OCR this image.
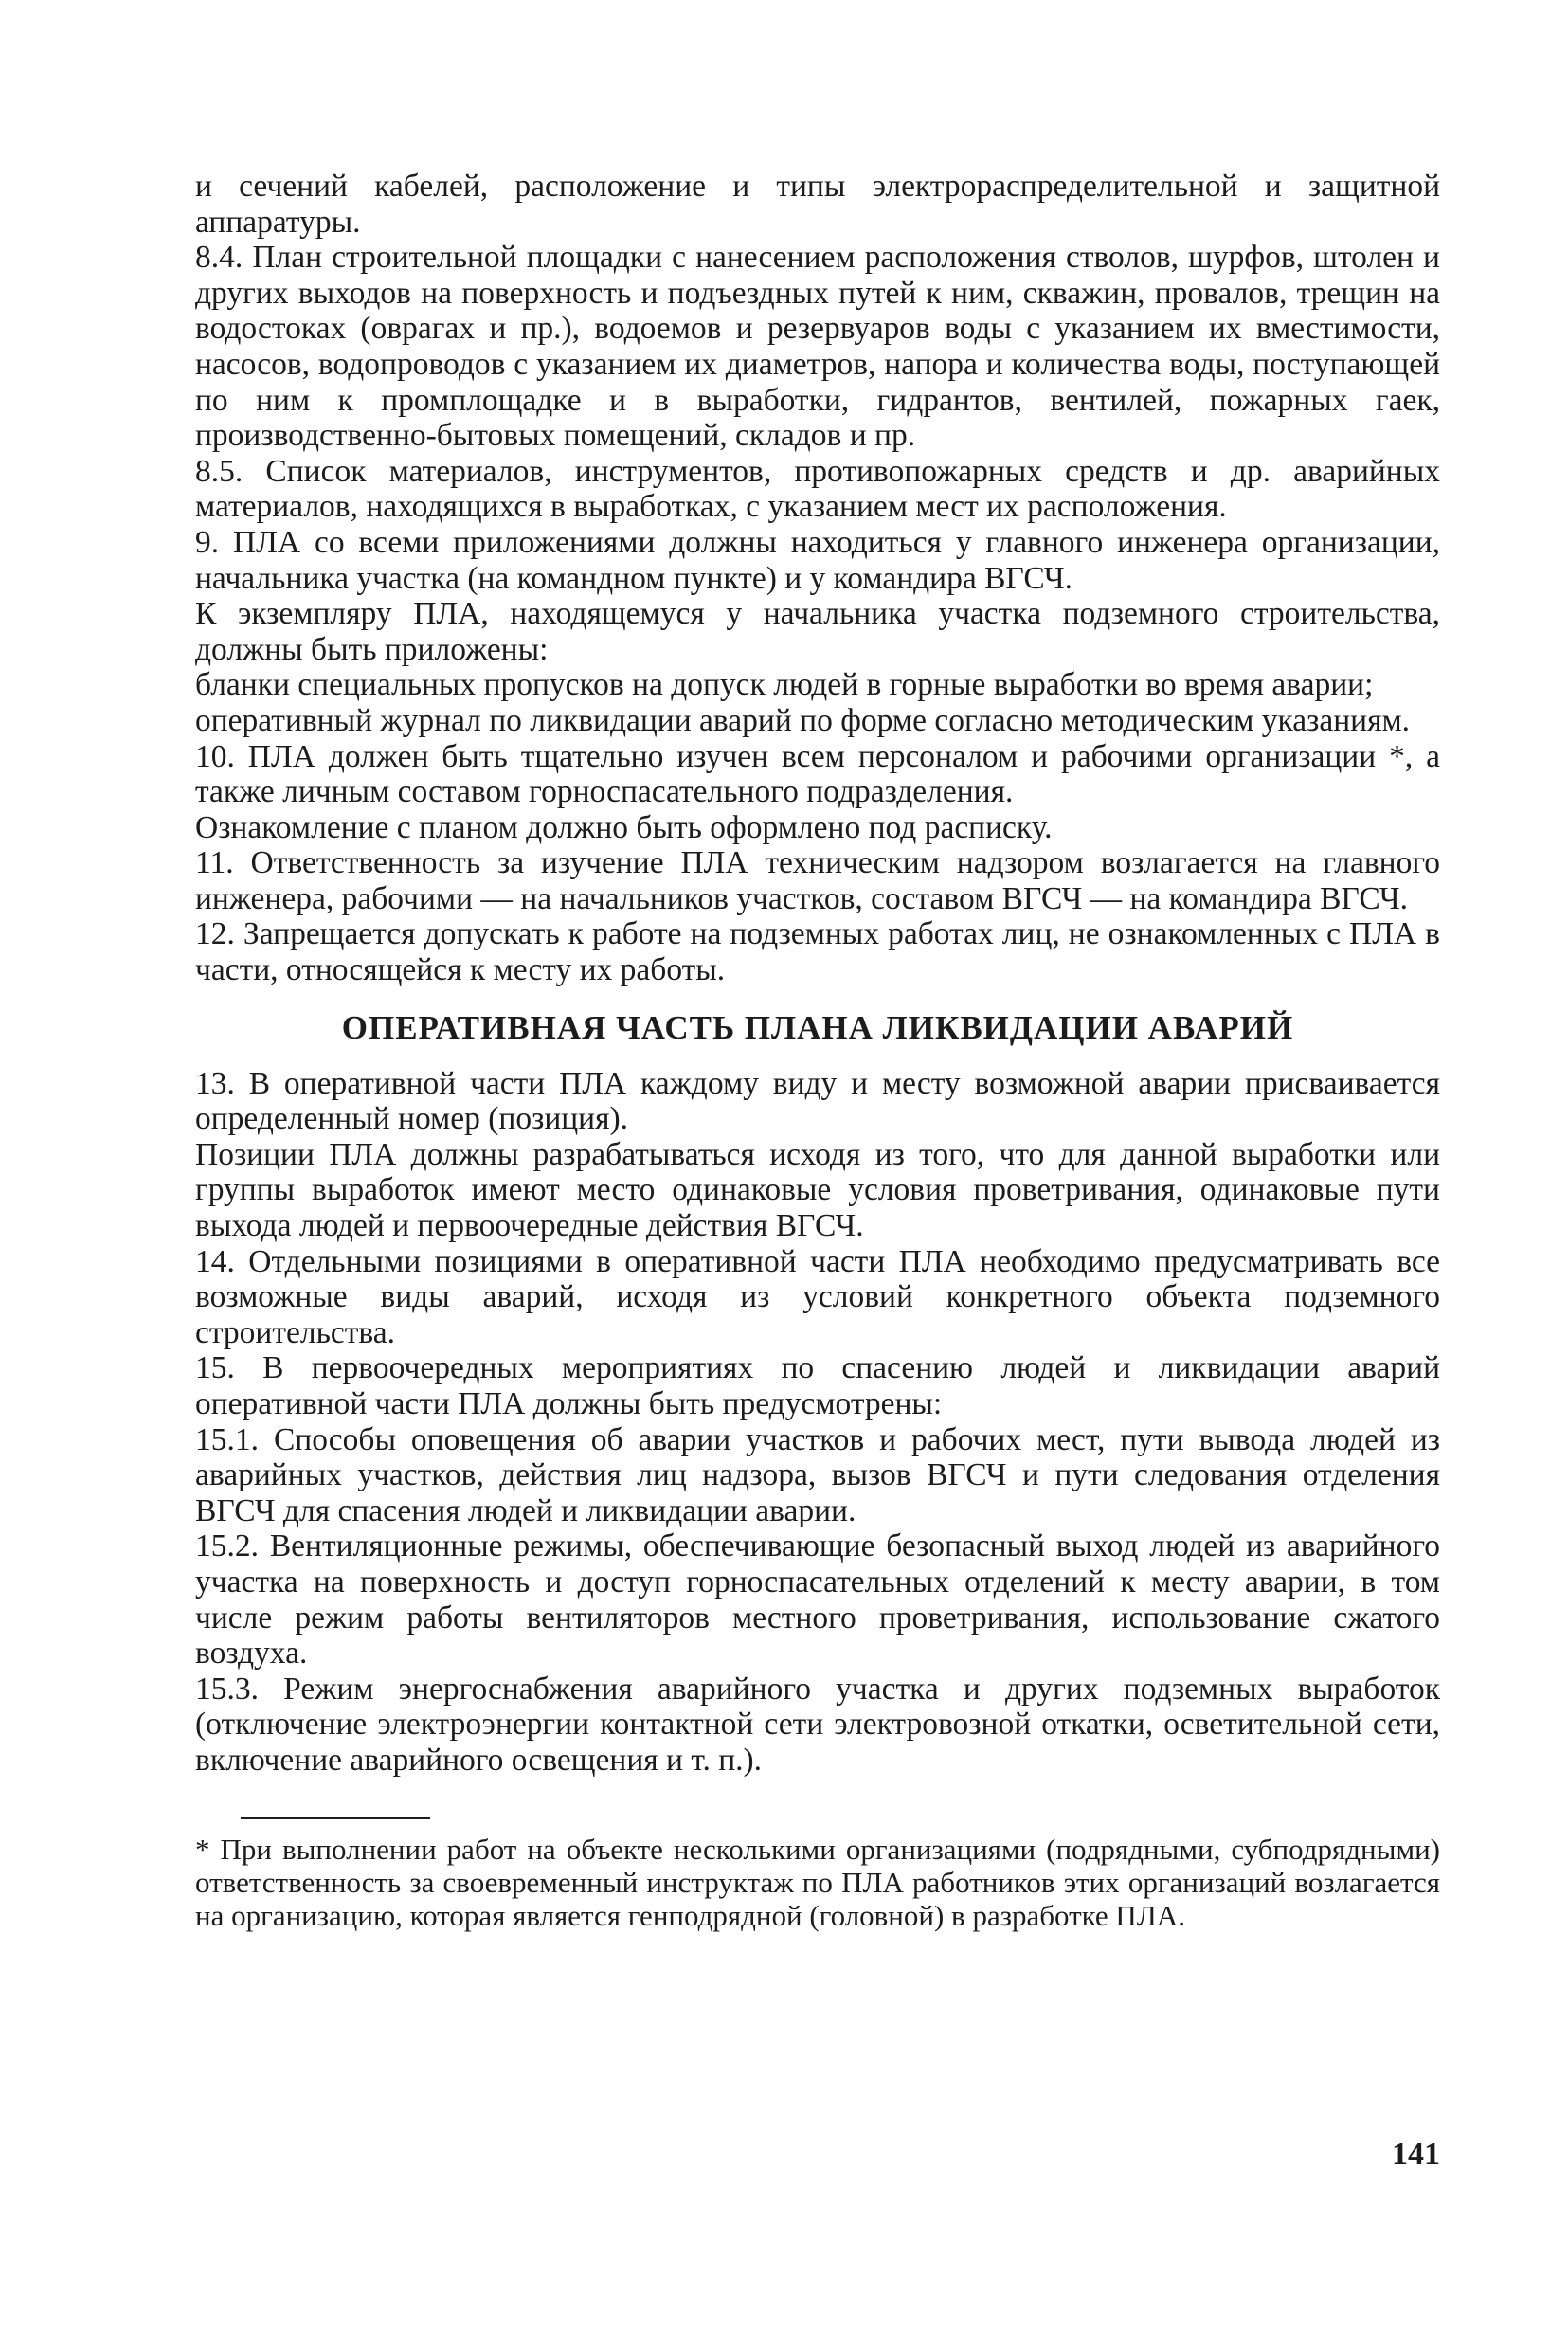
и сечений кабелей, расположение и типы электрораспределительной и защитной аппаратуры.

8.4. План строительной площадки с нанесением расположения стволов, шурфов, штолен и других выходов на поверхность и подъездных путей к ним, скважин, провалов, трещин на водостоках (оврагах и пр.), водоемов и резервуаров воды с указанием их вместимости, насосов, водопроводов с указанием их диаметров, напора и количества воды, поступающей по ним к промплощадке и в выработки, гидрантов, вентилей, пожарных гаек, производственно-бытовых помещений, складов и пр.

8.5. Список материалов, инструментов, противопожарных средств и др. аварийных материалов, находящихся в выработках, с указанием мест их расположения.

9. ПЛА со всеми приложениями должны находиться у главного инженера организации, начальника участка (на командном пункте) и у командира ВГСЧ.

К экземпляру ПЛА, находящемуся у начальника участка подземного строительства, должны быть приложены:

бланки специальных пропусков на допуск людей в горные выработки во время аварии;

оперативный журнал по ликвидации аварий по форме согласно методическим указаниям.

10. ПЛА должен быть тщательно изучен всем персоналом и рабочими организации *, а также личным составом горноспасательного подразделения.

Ознакомление с планом должно быть оформлено под расписку.

11. Ответственность за изучение ПЛА техническим надзором возлагается на главного инженера, рабочими — на начальников участков, составом ВГСЧ — на командира ВГСЧ.

12. Запрещается допускать к работе на подземных работах лиц, не ознакомленных с ПЛА в части, относящейся к месту их работы.

ОПЕРАТИВНАЯ ЧАСТЬ ПЛАНА ЛИКВИДАЦИИ АВАРИЙ

13. В оперативной части ПЛА каждому виду и месту возможной аварии присваивается определенный номер (позиция).

Позиции ПЛА должны разрабатываться исходя из того, что для данной выработки или группы выработок имеют место одинаковые условия проветривания, одинаковые пути выхода людей и первоочередные действия ВГСЧ.

14. Отдельными позициями в оперативной части ПЛА необходимо предусматривать все возможные виды аварий, исходя из условий конкретного объекта подземного строительства.

15. В первоочередных мероприятиях по спасению людей и ликвидации аварий оперативной части ПЛА должны быть предусмотрены:

15.1. Способы оповещения об аварии участков и рабочих мест, пути вывода людей из аварийных участков, действия лиц надзора, вызов ВГСЧ и пути следования отделения ВГСЧ для спасения людей и ликвидации аварии.

15.2. Вентиляционные режимы, обеспечивающие безопасный выход людей из аварийного участка на поверхность и доступ горноспасательных отделений к месту аварии, в том числе режим работы вентиляторов местного проветривания, использование сжатого воздуха.

15.3. Режим энергоснабжения аварийного участка и других подземных выработок (отключение электроэнергии контактной сети электровозной откатки, осветительной сети, включение аварийного освещения и т. п.).

* При выполнении работ на объекте несколькими организациями (подрядными, субподрядными) ответственность за своевременный инструктаж по ПЛА работников этих организаций возлагается на организацию, которая является генподрядной (головной) в разработке ПЛА.

141
